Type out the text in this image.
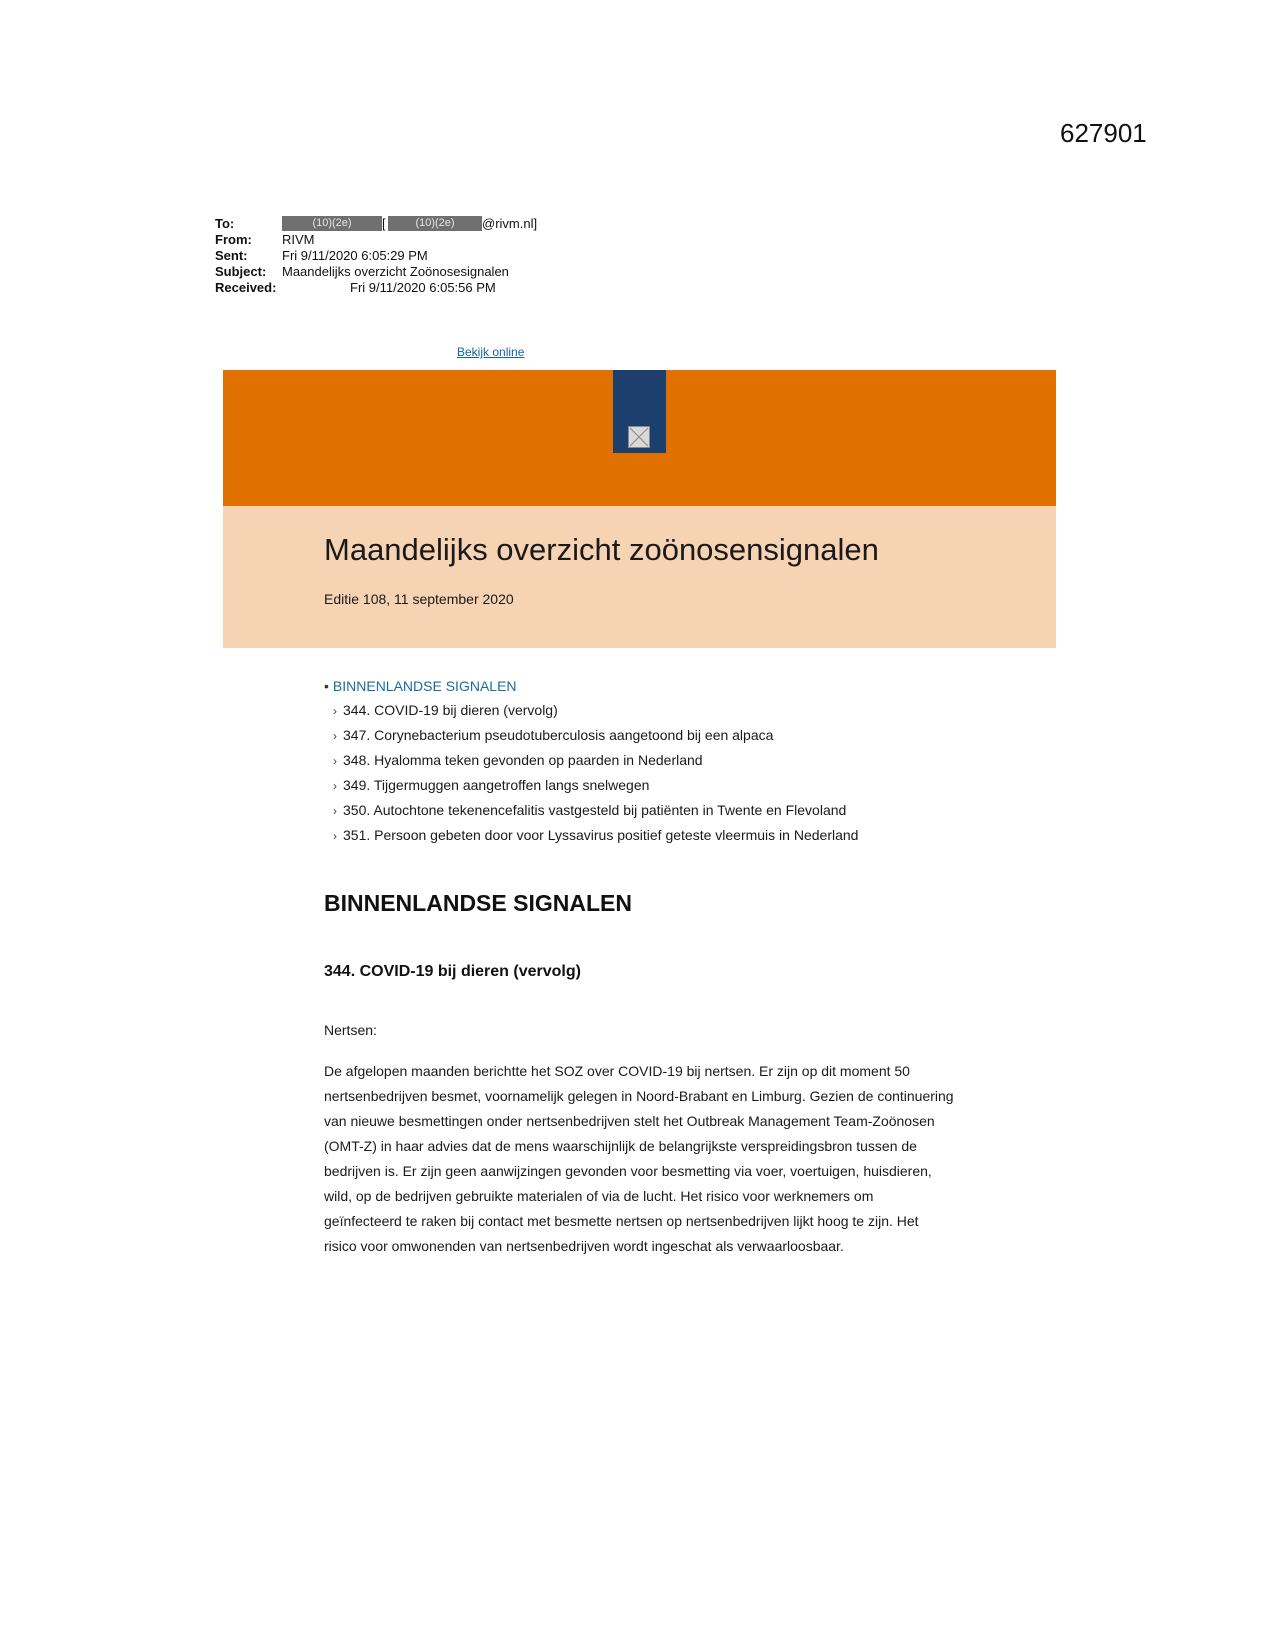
627901
To:	(10)(2e) [	(10)(2e) @rivm.nl]
From: RIVM
Sent:	Fri 9/11/2020 6:05:29 PM
Subject: Maandelijks overzicht Zoönosesignalen
Received:	Fri 9/11/2020 6:05:56 PM
Bekijk online
Maandelijks overzicht zoönosensignalen
Editie 108, 11 september 2020
• BINNENLANDSE SIGNALEN
› 344. COVID-19 bij dieren (vervolg)
› 347. Corynebacterium pseudotuberculosis aangetoond bij een alpaca
› 348. Hyalomma teken gevonden op paarden in Nederland
› 349. Tijgermuggen aangetroffen langs snelwegen
› 350. Autochtone tekenencefalitis vastgesteld bij patiënten in Twente en Flevoland
› 351. Persoon gebeten door voor Lyssavirus positief geteste vleermuis in Nederland
BINNENLANDSE SIGNALEN
344. COVID-19 bij dieren (vervolg)
Nertsen:

De afgelopen maanden berichtte het SOZ over COVID-19 bij nertsen. Er zijn op dit moment 50 nertsenbedrijven besmet, voornamelijk gelegen in Noord-Brabant en Limburg. Gezien de continuering van nieuwe besmettingen onder nertsenbedrijven stelt het Outbreak Management Team-Zoönosen (OMT-Z) in haar advies dat de mens waarschijnlijk de belangrijkste verspreidingsbron tussen de bedrijven is. Er zijn geen aanwijzingen gevonden voor besmetting via voer, voertuigen, huisdieren, wild, op de bedrijven gebruikte materialen of via de lucht. Het risico voor werknemers om geïnfecteerd te raken bij contact met besmette nertsen op nertsenbedrijven lijkt hoog te zijn. Het risico voor omwonenden van nertsenbedrijven wordt ingeschat als verwaarloosbaar.
